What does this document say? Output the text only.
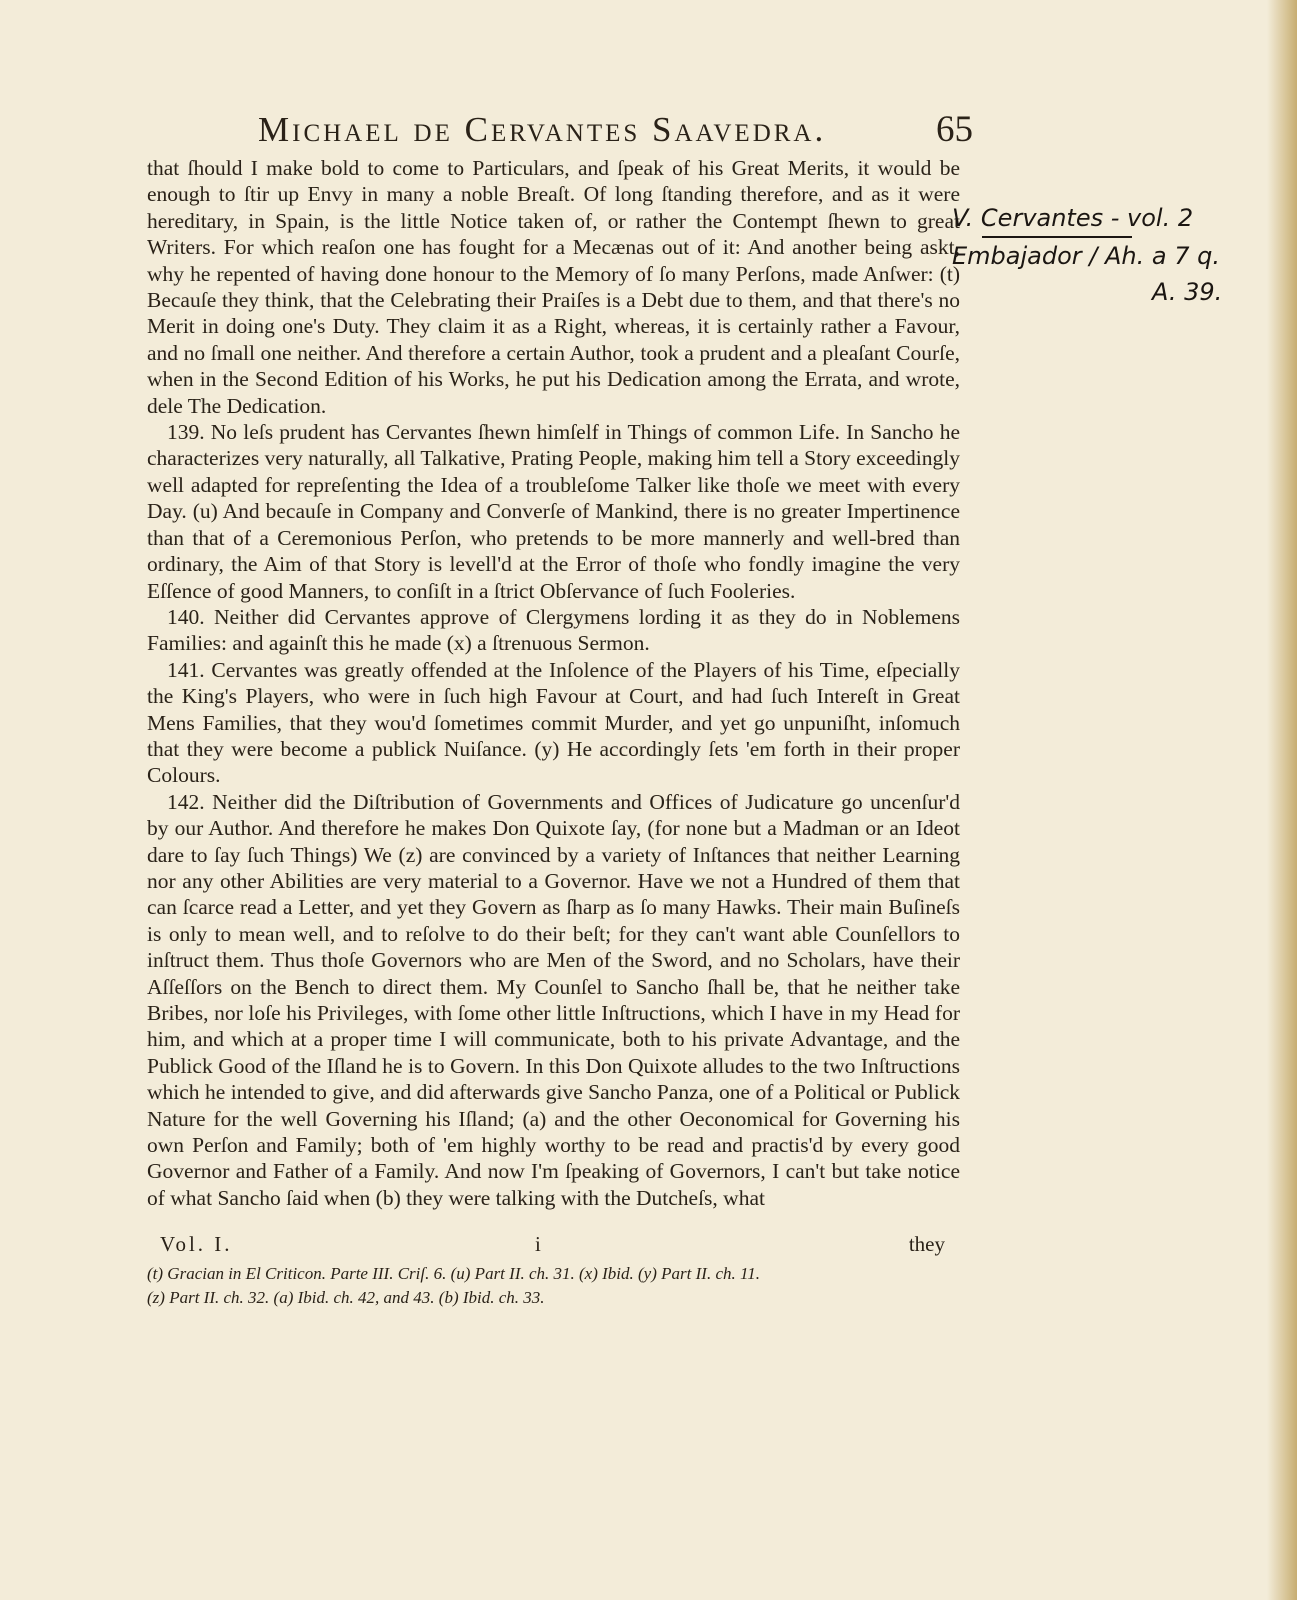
Michael de Cervantes Saavedra.	65

that ſhould I make bold to come to Particulars, and ſpeak of his Great Merits, it would be enough to ſtir up Envy in many a noble Breaſt. Of long ſtanding therefore, and as it were hereditary, in Spain, is the little Notice taken of, or rather the Contempt ſhewn to great Writers. For which reaſon one has fought for a Mecænas out of it: And another being askt, why he repented of having done honour to the Memory of ſo many Perſons, made Anſwer: (t) Becauſe they think, that the Celebrating their Praiſes is a Debt due to them, and that there's no Merit in doing one's Duty. They claim it as a Right, whereas, it is certainly rather a Favour, and no ſmall one neither. And therefore a certain Author, took a prudent and a pleaſant Courſe, when in the Second Edition of his Works, he put his Dedication among the Errata, and wrote, dele The Dedication.

139. No leſs prudent has Cervantes ſhewn himſelf in Things of common Life. In Sancho he characterizes very naturally, all Talkative, Prating People, making him tell a Story exceedingly well adapted for repreſenting the Idea of a troubleſome Talker like thoſe we meet with every Day. (u) And becauſe in Company and Converſe of Mankind, there is no greater Impertinence than that of a Ceremonious Perſon, who pretends to be more mannerly and well-bred than ordinary, the Aim of that Story is levell'd at the Error of thoſe who fondly imagine the very Eſſence of good Manners, to conſiſt in a ſtrict Obſervance of ſuch Fooleries.

140. Neither did Cervantes approve of Clergymens lording it as they do in Noblemens Families: and againſt this he made (x) a ſtrenuous Sermon.

141. Cervantes was greatly offended at the Inſolence of the Players of his Time, eſpecially the King's Players, who were in ſuch high Favour at Court, and had ſuch Intereſt in Great Mens Families, that they wou'd ſometimes commit Murder, and yet go unpuniſht, inſomuch that they were become a publick Nuiſance. (y) He accordingly ſets 'em forth in their proper Colours.

142. Neither did the Diſtribution of Governments and Offices of Judicature go uncenſur'd by our Author. And therefore he makes Don Quixote ſay, (for none but a Madman or an Ideot dare to ſay ſuch Things) We (z) are convinced by a variety of Inſtances that neither Learning nor any other Abilities are very material to a Governor. Have we not a Hundred of them that can ſcarce read a Letter, and yet they Govern as ſharp as ſo many Hawks. Their main Buſineſs is only to mean well, and to reſolve to do their beſt; for they can't want able Counſellors to inſtruct them. Thus thoſe Governors who are Men of the Sword, and no Scholars, have their Aſſeſſors on the Bench to direct them. My Counſel to Sancho ſhall be, that he neither take Bribes, nor loſe his Privileges, with ſome other little Inſtructions, which I have in my Head for him, and which at a proper time I will communicate, both to his private Advantage, and the Publick Good of the Iſland he is to Govern. In this Don Quixote alludes to the two Inſtructions which he intended to give, and did afterwards give Sancho Panza, one of a Political or Publick Nature for the well Governing his Iſland; (a) and the other Oeconomical for Governing his own Perſon and Family; both of 'em highly worthy to be read and practis'd by every good Governor and Father of a Family. And now I'm ſpeaking of Governors, I can't but take notice of what Sancho ſaid when (b) they were talking with the Dutcheſs, what

Vol. I.	i	they
(t) Gracian in El Criticon. Parte III. Criſ. 6. (u) Part II. ch. 31. (x) Ibid. (y) Part II. ch. 11.
(z) Part II. ch. 32. (a) Ibid. ch. 42, and 43. (b) Ibid. ch. 33.
V. Cervantes - vol. 2
Embajador / Ah. a 7 q.
A. 39.
